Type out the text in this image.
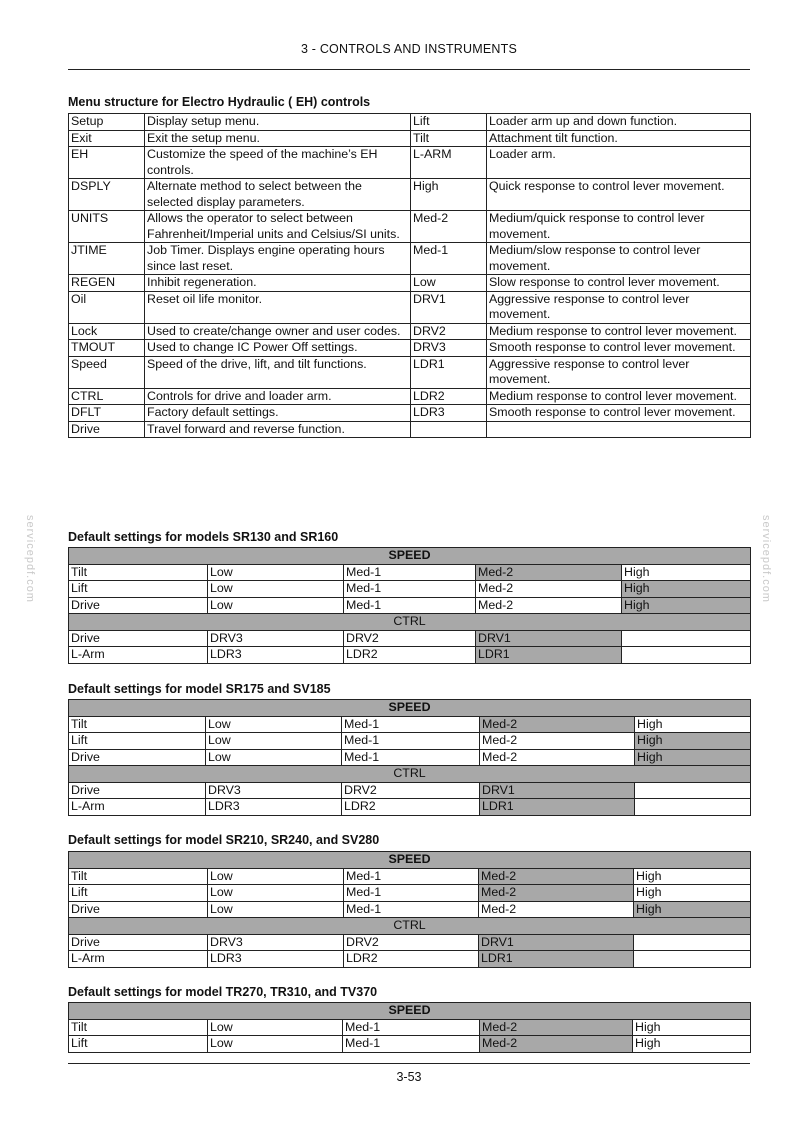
3 - CONTROLS AND INSTRUMENTS
servicepdf.com	servicepdf.com
Menu structure for Electro Hydraulic ( EH) controls
Setup	Display setup menu.	Lift	Loader arm up and down function.
Exit	Exit the setup menu.	Tilt	Attachment tilt function.
EH	Customize the speed of the machine’s EH controls.	L-ARM	Loader arm.
DSPLY	Alternate method to select between the selected display parameters.	High	Quick response to control lever movement.
UNITS	Allows the operator to select between Fahrenheit/Imperial units and Celsius/SI units.	Med-2	Medium/quick response to control lever movement.
JTIME	Job Timer. Displays engine operating hours since last reset.	Med-1	Medium/slow response to control lever movement.
REGEN	Inhibit regeneration.	Low	Slow response to control lever movement.
Oil	Reset oil life monitor.	DRV1	Aggressive response to control lever movement.
Lock	Used to create/change owner and user codes.	DRV2	Medium response to control lever movement.
TMOUT	Used to change IC Power Off settings.	DRV3	Smooth response to control lever movement.
Speed	Speed of the drive, lift, and tilt functions.	LDR1	Aggressive response to control lever movement.
CTRL	Controls for drive and loader arm.	LDR2	Medium response to control lever movement.
DFLT	Factory default settings.	LDR3	Smooth response to control lever movement.
Drive	Travel forward and reverse function.		
Default settings for models SR130 and SR160
SPEED				
Tilt	Low	Med-1	Med-2	High
Lift	Low	Med-1	Med-2	High
Drive	Low	Med-1	Med-2	High
CTRL				
Drive	DRV3	DRV2	DRV1	
L-Arm	LDR3	LDR2	LDR1	
Default settings for model SR175 and SV185
SPEED				
Tilt	Low	Med-1	Med-2	High
Lift	Low	Med-1	Med-2	High
Drive	Low	Med-1	Med-2	High
CTRL				
Drive	DRV3	DRV2	DRV1	
L-Arm	LDR3	LDR2	LDR1	
Default settings for model SR210, SR240, and SV280
SPEED				
Tilt	Low	Med-1	Med-2	High
Lift	Low	Med-1	Med-2	High
Drive	Low	Med-1	Med-2	High
CTRL				
Drive	DRV3	DRV2	DRV1	
L-Arm	LDR3	LDR2	LDR1	
Default settings for model TR270, TR310, and TV370
SPEED				
Tilt	Low	Med-1	Med-2	High
Lift	Low	Med-1	Med-2	High
3-53
